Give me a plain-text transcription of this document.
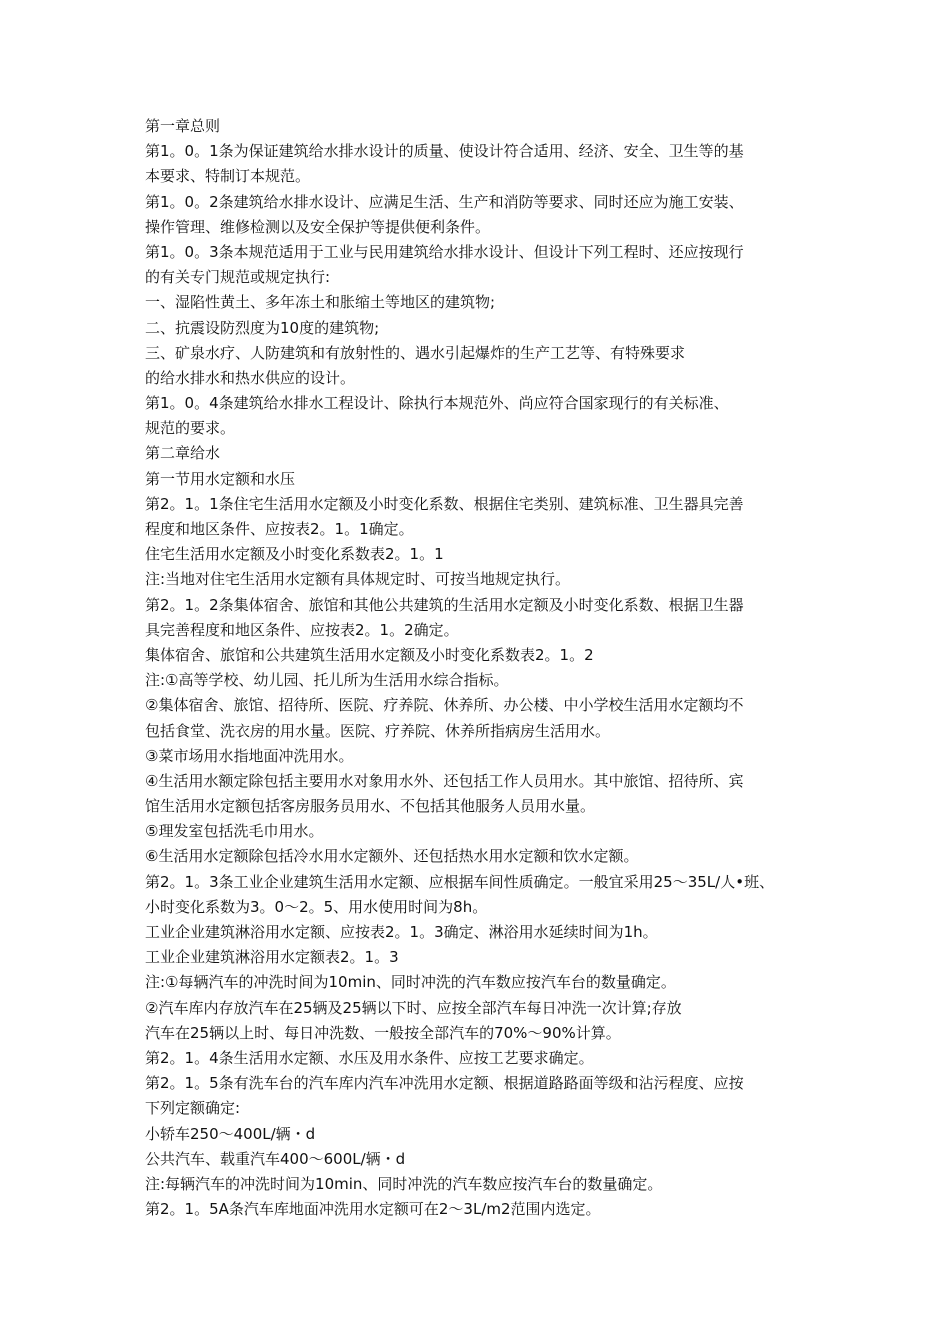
第一章总则
第1。0。1条为保证建筑给水排水设计的质量、使设计符合适用、经济、安全、卫生等的基
本要求、特制订本规范。
第1。0。2条建筑给水排水设计、应满足生活、生产和消防等要求、同时还应为施工安装、
操作管理、维修检测以及安全保护等提供便利条件。
第1。0。3条本规范适用于工业与民用建筑给水排水设计、但设计下列工程时、还应按现行
的有关专门规范或规定执行:
一、湿陷性黄土、多年冻土和胀缩土等地区的建筑物;
二、抗震设防烈度为10度的建筑物;
三、矿泉水疗、人防建筑和有放射性的、遇水引起爆炸的生产工艺等、有特殊要求
的给水排水和热水供应的设计。
第1。0。4条建筑给水排水工程设计、除执行本规范外、尚应符合国家现行的有关标准、
规范的要求。
第二章给水
第一节用水定额和水压
第2。1。1条住宅生活用水定额及小时变化系数、根据住宅类别、建筑标准、卫生器具完善
程度和地区条件、应按表2。1。1确定。
住宅生活用水定额及小时变化系数表2。1。1
注:当地对住宅生活用水定额有具体规定时、可按当地规定执行。
第2。1。2条集体宿舍、旅馆和其他公共建筑的生活用水定额及小时变化系数、根据卫生器
具完善程度和地区条件、应按表2。1。2确定。
集体宿舍、旅馆和公共建筑生活用水定额及小时变化系数表2。1。2
注:①高等学校、幼儿园、托儿所为生活用水综合指标。
②集体宿舍、旅馆、招待所、医院、疗养院、休养所、办公楼、中小学校生活用水定额均不
包括食堂、洗衣房的用水量。医院、疗养院、休养所指病房生活用水。
③菜市场用水指地面冲洗用水。
④生活用水额定除包括主要用水对象用水外、还包括工作人员用水。其中旅馆、招待所、宾
馆生活用水定额包括客房服务员用水、不包括其他服务人员用水量。
⑤理发室包括洗毛巾用水。
⑥生活用水定额除包括冷水用水定额外、还包括热水用水定额和饮水定额。
第2。1。3条工业企业建筑生活用水定额、应根据车间性质确定。一般宜采用25～35L/人•班、
小时变化系数为3。0～2。5、用水使用时间为8h。
工业企业建筑淋浴用水定额、应按表2。1。3确定、淋浴用水延续时间为1h。
工业企业建筑淋浴用水定额表2。1。3
注:①每辆汽车的冲洗时间为10min、同时冲洗的汽车数应按汽车台的数量确定。
②汽车库内存放汽车在25辆及25辆以下时、应按全部汽车每日冲洗一次计算;存放
汽车在25辆以上时、每日冲洗数、一般按全部汽车的70%～90%计算。
第2。1。4条生活用水定额、水压及用水条件、应按工艺要求确定。
第2。1。5条有洗车台的汽车库内汽车冲洗用水定额、根据道路路面等级和沾污程度、应按
下列定额确定:
小轿车250～400L/辆・d
公共汽车、载重汽车400～600L/辆・d
注:每辆汽车的冲洗时间为10min、同时冲洗的汽车数应按汽车台的数量确定。
第2。1。5A条汽车库地面冲洗用水定额可在2～3L/m2范围内选定。
